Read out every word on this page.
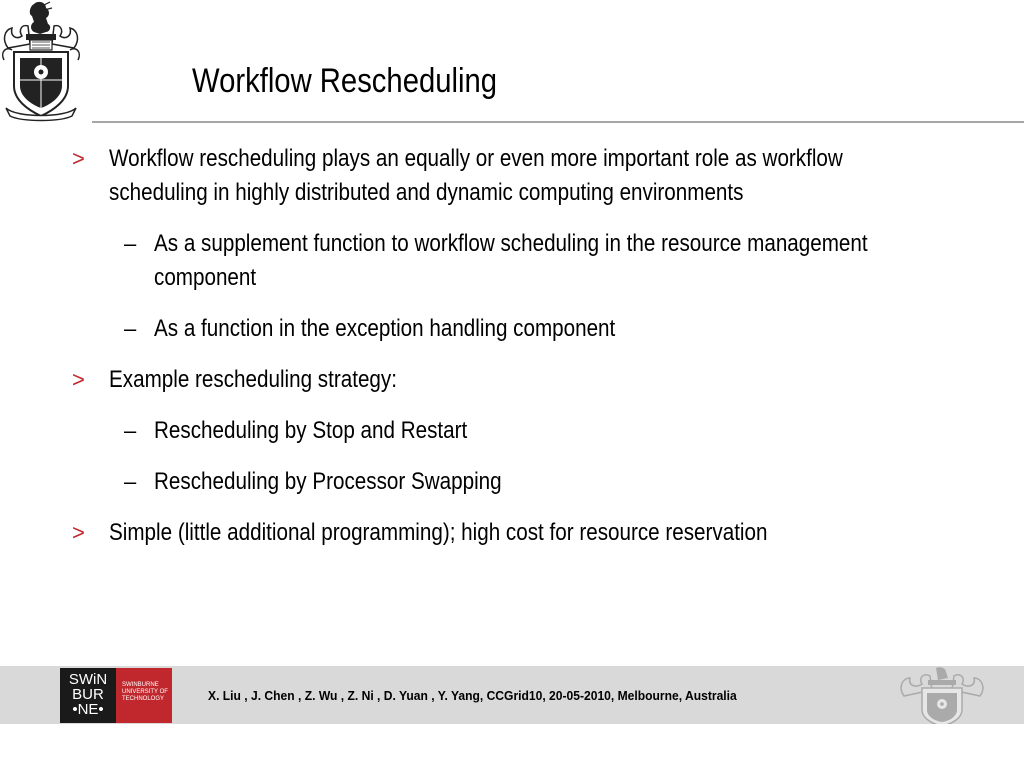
Workflow Rescheduling
> Workflow rescheduling plays an equally or even more important role as workflow
scheduling in highly distributed and dynamic computing environments
– As a supplement function to workflow scheduling in the resource management
component
– As a function in the exception handling component
> Example rescheduling strategy:
– Rescheduling by Stop and Restart
– Rescheduling by Processor Swapping
> Simple (little additional programming); high cost for resource reservation
SWiN
BUR
•NE•
SWINBURNE
UNIVERSITY OF
TECHNOLOGY	X. Liu , J. Chen , Z. Wu , Z. Ni , D. Yuan , Y. Yang, CCGrid10, 20-05-2010, Melbourne, Australia
